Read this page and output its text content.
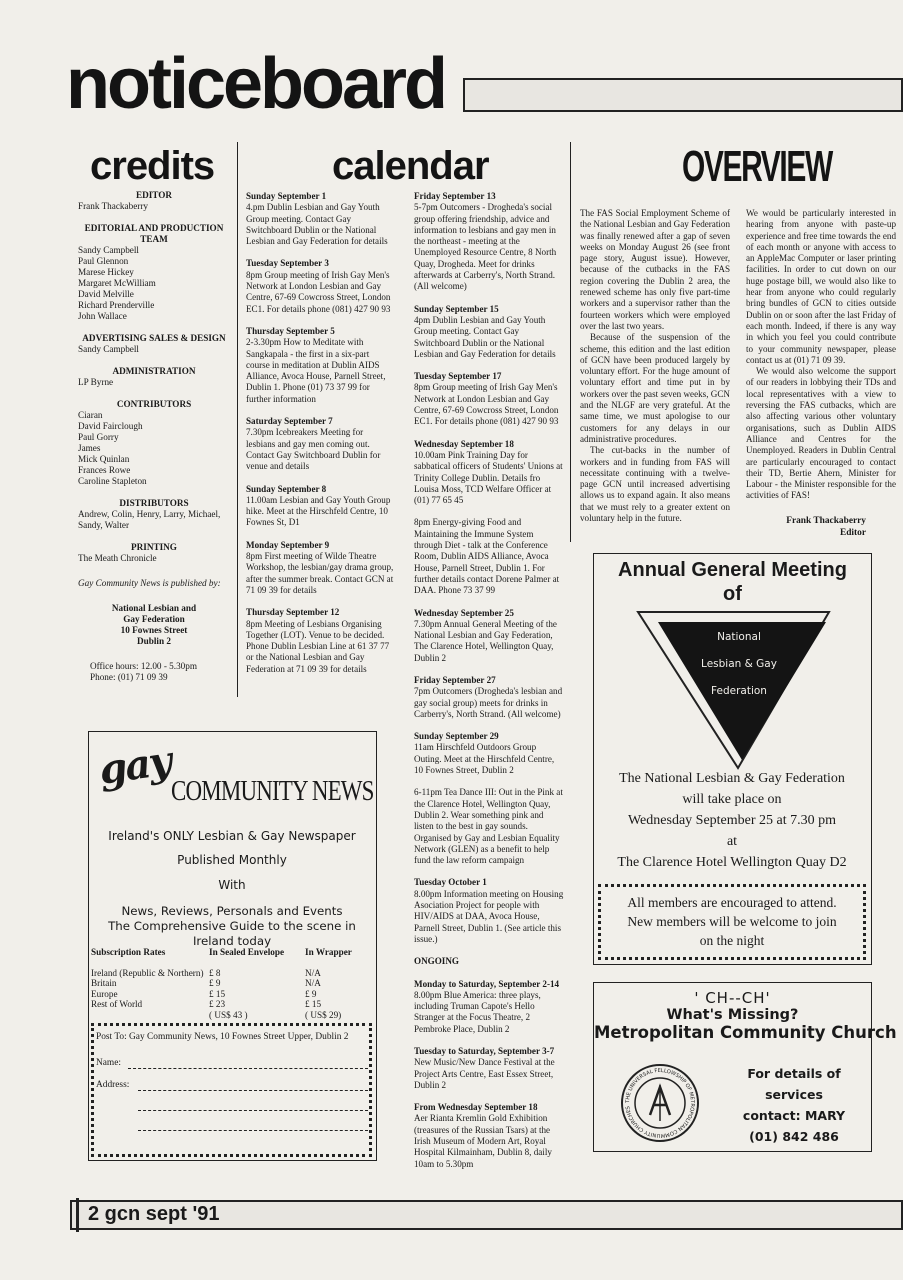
noticeboard
credits	calendar	OVERVIEW
EDITOR
Frank Thackaberry
EDITORIAL AND PRODUCTION TEAM
Sandy Campbell
Paul Glennon
Marese Hickey
Margaret McWilliam
David Melville
Richard Prenderville
John Wallace
ADVERTISING SALES & DESIGN
Sandy Campbell
ADMINISTRATION
LP Byrne
CONTRIBUTORS
Ciaran
David Fairclough
Paul Gorry
James
Mick Quinlan
Frances Rowe
Caroline Stapleton
DISTRIBUTORS
Andrew, Colin, Henry, Larry, Michael, Sandy, Walter
PRINTING
The Meath Chronicle
Gay Community News is published by:
National Lesbian and
Gay Federation
10 Fownes Street
Dublin 2
Office hours: 12.00 - 5.30pm
Phone: (01) 71 09 39
Sunday September 1
4.pm Dublin Lesbian and Gay Youth Group meeting. Contact Gay Switchboard Dublin or the National Lesbian and Gay Federation for details
Tuesday September 3
8pm Group meeting of Irish Gay Men's Network at London Lesbian and Gay Centre, 67-69 Cowcross Street, London EC1. For details phone (081) 427 90 93
Thursday September 5
2-3.30pm How to Meditate with Sangkapala - the first in a six-part course in meditation at Dublin AIDS Alliance, Avoca House, Parnell Street, Dublin 1. Phone (01) 73 37 99 for further information
Saturday September 7
7.30pm Icebreakers Meeting for lesbians and gay men coming out. Contact Gay Switchboard Dublin for venue and details
Sunday September 8
11.00am Lesbian and Gay Youth Group hike. Meet at the Hirschfeld Centre, 10 Fownes St, D1
Monday September 9
8pm First meeting of Wilde Theatre Workshop, the lesbian/gay drama group, after the summer break. Contact GCN at 71 09 39 for details
Thursday September 12
8pm Meeting of Lesbians Organising Together (LOT). Venue to be decided. Phone Dublin Lesbian Line at 61 37 77 or the National Lesbian and Gay Federation at 71 09 39 for details
Friday September 13
5-7pm Outcomers - Drogheda's social group offering friendship, advice and information to lesbians and gay men in the northeast - meeting at the Unemployed Resource Centre, 8 North Quay, Drogheda. Meet for drinks afterwards at Carberry's, North Strand. (All welcome)
Sunday September 15
4pm Dublin Lesbian and Gay Youth Group meeting. Contact Gay Switchboard Dublin or the National Lesbian and Gay Federation for details
Tuesday September 17
8pm Group meeting of Irish Gay Men's Network at London Lesbian and Gay Centre, 67-69 Cowcross Street, London EC1. For details phone (081) 427 90 93
Wednesday September 18
10.00am Pink Training Day for sabbatical officers of Students' Unions at Trinity College Dublin. Details fro Louisa Moss, TCD Welfare Officer at (01) 77 65 45
8pm Energy-giving Food and Maintaining the Immune System through Diet - talk at the Conference Room, Dublin AIDS Alliance, Avoca House, Parnell Street, Dublin 1. For further details contact Dorene Palmer at DAA. Phone 73 37 99
Wednesday September 25
7.30pm Annual General Meeting of the National Lesbian and Gay Federation, The Clarence Hotel, Wellington Quay, Dublin 2
Friday September 27
7pm Outcomers (Drogheda's lesbian and gay social group) meets for drinks in Carberry's, North Strand. (All welcome)
Sunday September 29
11am Hirschfeld Outdoors Group Outing. Meet at the Hirschfeld Centre, 10 Fownes Street, Dublin 2
6-11pm Tea Dance III: Out in the Pink at the Clarence Hotel, Wellington Quay, Dublin 2. Wear something pink and listen to the best in gay sounds. Organised by Gay and Lesbian Equality Network (GLEN) as a benefit to help fund the law reform campaign
Tuesday October 1
8.00pm Information meeting on Housing Asociation Project for people with HIV/AIDS at DAA, Avoca House, Parnell Street, Dublin 1. (See article this issue.)
ONGOING
Monday to Saturday, September 2-14
8.00pm Blue America: three plays, including Truman Capote's Hello Stranger at the Focus Theatre, 2 Pembroke Place, Dublin 2
Tuesday to Saturday, September 3-7
New Music/New Dance Festival at the Project Arts Centre, East Essex Street, Dublin 2
From Wednesday September 18
Aer Rianta Kremlin Gold Exhibition (treasures of the Russian Tsars) at the Irish Museum of Modern Art, Royal Hospital Kilmainham, Dublin 8, daily 10am to 5.30pm

The FAS Social Employment Scheme of the National Lesbian and Gay Federation was finally renewed after a gap of seven weeks on Monday August 26 (see front page story, August issue). However, because of the cutbacks in the FAS region covering the Dublin 2 area, the renewed scheme has only five part-time workers and a supervisor rather than the fourteen workers which were employed over the last two years.

Because of the suspension of the scheme, this edition and the last edition of GCN have been produced largely by voluntary effort. For the huge amount of voluntary effort and time put in by workers over the past seven weeks, GCN and the NLGF are very grateful. At the same time, we must apologise to our customers for any delays in our administrative procedures.

The cut-backs in the number of workers and in funding from FAS will necessitate continuing with a twelve-page GCN until increased advertising allows us to expand again. It also means that we must rely to a greater extent on voluntary help in the future.

We would be particularly interested in hearing from anyone with paste-up experience and free time towards the end of each month or anyone with access to an AppleMac Computer or laser printing facilities. In order to cut down on our huge postage bill, we would also like to hear from anyone who could regularly bring bundles of GCN to cities outside Dublin on or soon after the last Friday of each month. Indeed, if there is any way in which you feel you could contribute to your community newspaper, please contact us at (01) 71 09 39.

We would also welcome the support of our readers in lobbying their TDs and local representatives with a view to reversing the FAS cutbacks, which are also affecting various other voluntary organisations, such as Dublin AIDS Alliance and Centres for the Unemployed. Readers in Dublin Central are particularly encouraged to contact their TD, Bertie Ahern, Minister for Labour - the Minister responsible for the activities of FAS!

Frank Thackaberry
Editor
Annual General Meeting
of
National
Lesbian & Gay
Federation
The National Lesbian & Gay Federation
will take place on
Wednesday September 25 at 7.30 pm
at
The Clarence Hotel Wellington Quay D2
All members are encouraged to attend.
New members will be welcome to join
on the night
' CH--CH'
What's Missing?
Metropolitan Community Church
THE UNIVERSAL FELLOWSHIP OF METROPOLITAN COMMUNITY CHURCHES
For details of services
contact: MARY
(01) 842 486
gay
COMMUNITY NEWS
Ireland's ONLY Lesbian & Gay Newspaper
Published Monthly
With
News, Reviews, Personals and Events
The Comprehensive Guide to the scene in
Ireland today
Subscription Rates	In Sealed Envelope	In Wrapper
Ireland (Republic & Northern)	£ 8	N/A
Britain	£ 9	N/A
Europe	£ 15	£ 9
Rest of World	£ 23	£ 15
	( US$ 43 )	( US$ 29)
Post To: Gay Community News, 10 Fownes Street Upper, Dublin 2
Name:
Address:
2 gcn sept '91
